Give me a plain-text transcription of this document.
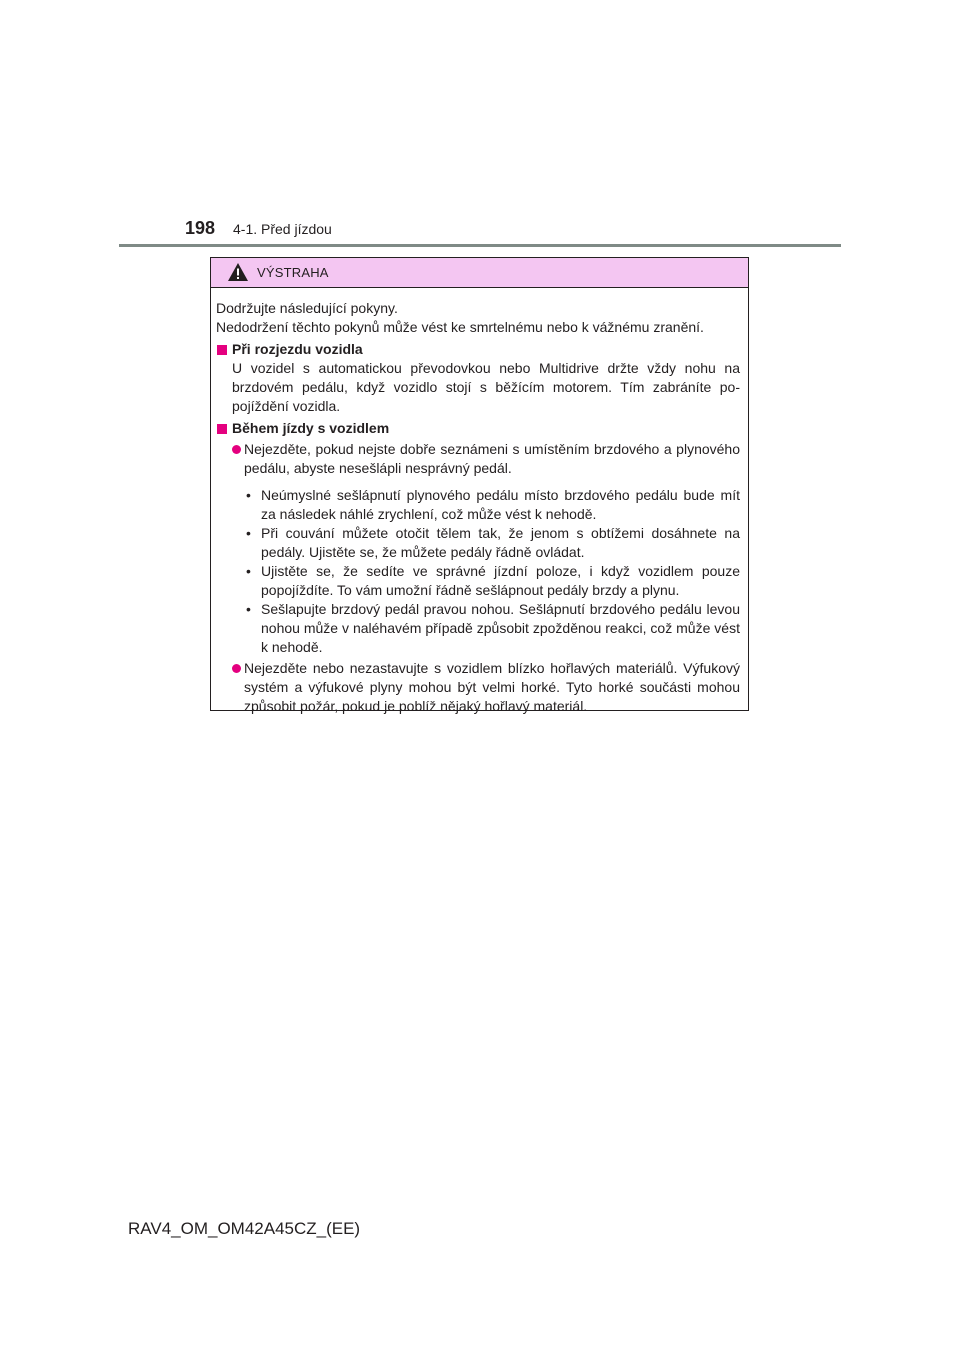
198 4-1. Před jízdou
VÝSTRAHA

Dodržujte následující pokyny.

Nedodržení těchto pokynů může vést ke smrtelnému nebo k vážnému zranění.

Při rozjezdu vozidla

U vozidel s automatickou převodovkou nebo Multidrive držte vždy nohu na brzdovém pedálu, když vozidlo stojí s běžícím motorem. Tím zabráníte popojíždění vozidla.

Během jízdy s vozidlem
Nejezděte, pokud nejste dobře seznámeni s umístěním brzdového a plynového pedálu, abyste nesešlápli nesprávný pedál.
• Neúmyslné sešlápnutí plynového pedálu místo brzdového pedálu bude mít za následek náhlé zrychlení, což může vést k nehodě.
• Při couvání můžete otočit tělem tak, že jenom s obtížemi dosáhnete na pedály. Ujistěte se, že můžete pedály řádně ovládat.
• Ujistěte se, že sedíte ve správné jízdní poloze, i když vozidlem pouze popojíždíte. To vám umožní řádně sešlápnout pedály brzdy a plynu.
• Sešlapujte brzdový pedál pravou nohou. Sešlápnutí brzdového pedálu levou nohou může v naléhavém případě způsobit zpožděnou reakci, což může vést k nehodě.
Nejezděte nebo nezastavujte s vozidlem blízko hořlavých materiálů. Výfukový systém a výfukové plyny mohou být velmi horké. Tyto horké součásti mohou způsobit požár, pokud je poblíž nějaký hořlavý materiál.
RAV4_OM_OM42A45CZ_(EE)
